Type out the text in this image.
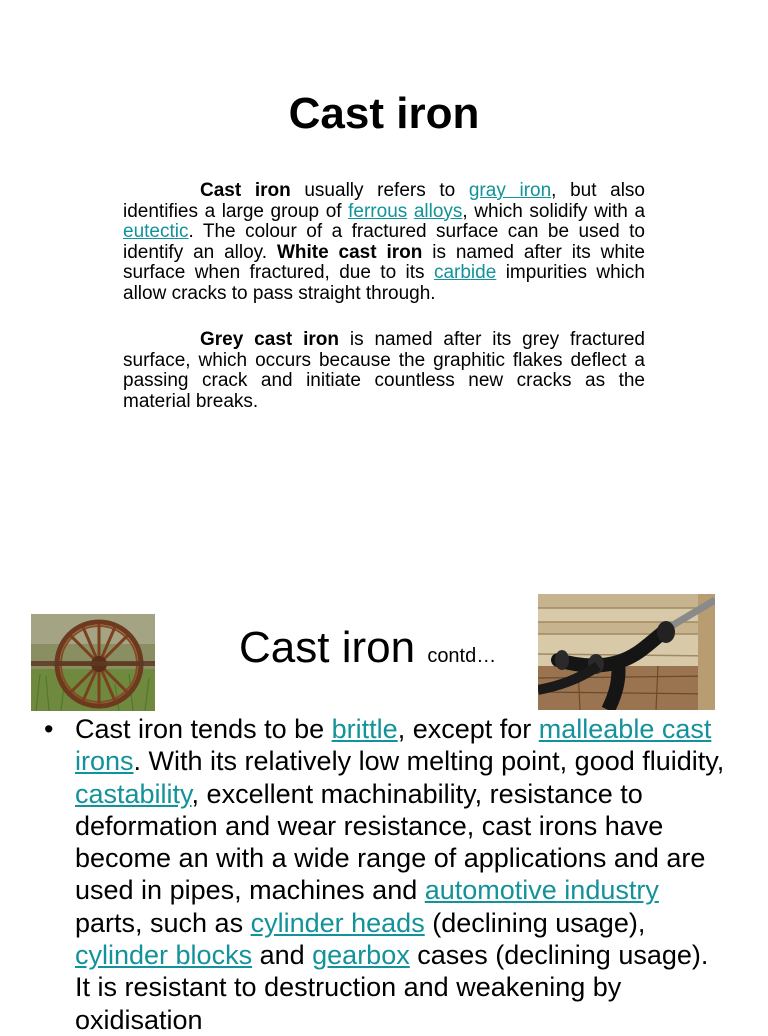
Cast iron

Cast iron usually refers to gray iron, but also identifies a large group of ferrous alloys, which solidify with a eutectic. The colour of a fractured surface can be used to identify an alloy. White cast iron is named after its white surface when fractured, due to its carbide impurities which allow cracks to pass straight through.

Grey cast iron is named after its grey fractured surface, which occurs because the graphitic flakes deflect a passing crack and initiate countless new cracks as the material breaks.

Cast iron contd…
• Cast iron tends to be brittle, except for malleable cast irons. With its relatively low melting point, good fluidity, castability, excellent machinability, resistance to deformation and wear resistance, cast irons have become an with a wide range of applications and are used in pipes, machines and automotive industry parts, such as cylinder heads (declining usage), cylinder blocks and gearbox cases (declining usage). It is resistant to destruction and weakening by oxidisation
